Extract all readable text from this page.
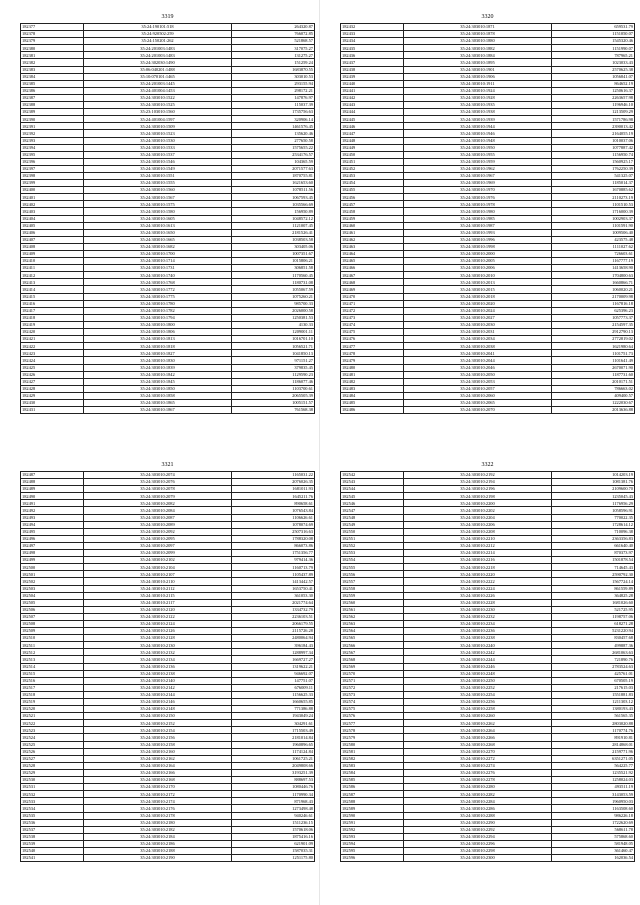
3319
182377	35:24:190101:518	264320.87
182378	35:24:920502:259	766072.85
182379	35:24:150201:262	521868.57
182380	35:24:201003:1483	317075.27
182381	35:24:201003:1483	131275.27
182382	35:24:302030:1490	151259.24
182383	35:06:040201:1488	1683870.55
182384	35:10:070101:1465	303010.53
182385	35:24:201003:1445	293155.94
182386	35:24:401004:1453	298172.21
182387	35:24:303010:1522	147876.97
182388	35:24:303010:1525	115037.39
182389	35:23:103010:1560	1735756.63
182390	35:24:401004:1597	320906.14
182391	35:24:303010:1509	1461576.45
182392	35:24:303010:1523	135620.46
182393	35:24:303010:1530	277650.58
182394	35:24:303010:1533	1575655.22
182395	35:24:303010:1537	2534176.57
182396	35:24:303010:1546	104365.59
182397	35:24:303010:1549	2071577.63
182398	35:24:303010:1551	1870755.81
182399	35:24:303010:1555	1621653.60
182400	35:24:303010:1560	1078511.56
182401	35:24:303010:1567	1067593.45
182402	35:24:303010:1575	1035566.69
182403	35:24:303010:1580	156950.89
182404	35:24:303010:1605	1048572.12
182405	35:24:303010:1613	1121007.45
182406	35:24:303010:1650	2181526.41
182407	35:24:303010:1665	1038503.58
182408	35:24:303010:1682	303405.06
182409	35:24:303010:1700	1007351.67
182410	35:24:303010:1714	1015806.21
182411	35:24:303010:1731	306851.58
182412	35:24:303010:1740	1170560.45
182413	35:24:303010:1768	1180731.08
182414	35:24:303010:1772	1055067.59
182415	35:24:303010:1775	1075260.21
182416	35:24:303010:1780	985700.33
182417	35:24:303010:1782	2026000.58
182418	35:24:303010:1794	1250381.53
182419	35:24:303010:1800	4130.33
182420	35:24:303010:1806	1209001.11
182421	35:24:303010:1813	1016701.10
182422	35:24:303010:1818	1056521.71
182423	35:24:303010:1827	1041850.13
182424	35:24:303010:1830	971151.27
182425	35:24:303010:1839	379835.45
182426	35:24:303010:1842	1129590.23
182427	35:24:303010:1845	1186077.46
182428	35:24:303010:1850	1103700.61
182429	35:24:303010:1858	2065505.39
182430	35:24:303010:1865	1005151.57
182431	35:24:303010:1867	761568.38
3320
182432	35:24:303010:1871	659531.79
182433	35:24:303010:1878	1151050.07
182434	35:24:303010:1880	1545320.46
182435	35:24:303010:1882	1151990.07
182436	35:24:303010:1884	787965.21
182437	35:24:303010:1895	1023033.43
182438	35:24:303010:1901	2570625.38
182439	35:24:303010:1906	1056841.07
182440	35:24:303010:1911	864652.19
182441	35:24:303010:1924	1250616.37
182442	35:24:303010:1928	2263657.98
182443	35:24:303010:1935	1196946.10
182444	35:24:303010:1938	1213509.29
182445	35:24:303010:1939	1571786.98
182446	35:24:303010:1944	2390013.42
182447	35:24:303010:1946	2164055.19
182448	35:24:303010:1948	1010037.06
182449	35:24:303010:1950	1077887.42
182450	35:24:303010:1955	1156950.74
182451	35:24:303010:1959	1560925.17
182452	35:24:303010:1962	1762250.39
182453	35:24:303010:1967	541325.07
182454	35:24:303010:1969	1185014.37
182455	35:24:303010:1970	1670885.62
182456	35:24:303010:1976	2110273.19
182457	35:24:303010:1978	1101510.53
182458	35:24:303010:1980	1716000.39
182459	35:24:303010:1985	1002903.37
182460	35:24:303010:1987	1101591.90
182461	35:24:303010:1993	1009506.40
182462	35:24:303010:1996	423575.48
182463	35:24:303010:1998	1111027.62
182464	35:24:303010:2000	726603.61
182465	35:24:303010:2005	1167777.19
182466	35:24:303010:2006	1413658.90
182467	35:24:303010:2010	1704800.63
182468	35:24:303010:2013	1660866.71
182469	35:24:303010:2015	1060020.21
182470	35:24:303010:2018	2170009.98
182471	35:24:303010:2020	1167816.18
182472	35:24:303010:2024	625396.23
182473	35:24:303010:2027	1057773.37
182474	35:24:303010:2030	2154597.35
182475	35:24:303010:2031	2912790.13
182476	35:24:303010:2034	2772819.02
182477	35:24:303010:2038	1621980.64
182478	35:24:303010:2041	1101751.73
182479	35:24:303010:2044	1101641.49
182480	35:24:303010:2046	2670071.90
182481	35:24:303010:2050	1187731.60
182482	35:24:303010:2053	2010171.51
182483	35:24:303010:2057	786663.02
182484	35:24:303010:2060	409400.57
182485	35:24:303010:2065	1222030.67
182486	35:24:303010:2070	2013636.88
3321
182487	35:24:303010:2074	1165031.22
182488	35:24:303010:2076	2076026.35
182489	35:24:303010:2078	1681011.93
182490	35:24:303010:2079	1645211.76
182491	35:24:303010:2082	890658.61
182492	35:24:303010:2084	1076543.84
182493	35:24:303010:2087	1106626.61
182494	35:24:303010:2089	1078074.69
182495	35:24:303010:2092	2507316.63
182496	35:24:303010:2095	1788320.08
182497	35:24:303010:2097	866073.86
182498	35:24:303010:2099	1751356.77
182499	35:24:303010:2102	979414.36
182500	35:24:303010:2104	1160713.79
182501	35:24:303010:2107	1105437.89
182502	35:24:303010:2110	1413442.57
182503	35:24:303010:2112	1653750.41
182504	35:24:303010:2115	361053.30
182505	35:24:303010:2117	2021774.64
182506	35:24:303010:2120	1334732.79
182507	35:24:303010:2122	2236103.51
182508	35:24:303010:2124	2066179.55
182509	35:24:303010:2126	2115726.28
182510	35:24:303010:2128	2480064.94
182511	35:24:303010:2130	396184.43
182512	35:24:303010:2132	1288997.34
182513	35:24:303010:2134	1669727.27
182514	35:24:303010:2136	1319622.21
182515	35:24:303010:2138	946692.07
182516	35:24:303010:2140	147751.07
182517	35:24:303010:2142	676009.11
182518	35:24:303010:2144	1156625.33
182519	35:24:303010:2146	1660655.85
182520	35:24:303010:2148	771386.88
182521	35:24:303010:2150	1943049.24
182522	35:24:303010:2152	304291.61
182523	35:24:303010:2154	1715503.49
182524	35:24:303010:2156	2181014.84
182525	35:24:303010:2158	1960896.65
182526	35:24:303010:2160	1174124.84
182527	35:24:303010:2162	1061725.21
182528	35:24:303010:2164	2049808.66
182529	35:24:303010:2166	3193251.39
182530	35:24:303010:2168	888697.53
182531	35:24:303010:2170	1080446.76
182532	35:24:303010:2172	1170990.34
182533	35:24:303010:2174	871968.43
182534	35:24:303010:2176	1273498.48
182535	35:24:303010:2178	940246.61
182536	35:24:303010:2180	1511236.15
182537	35:24:303010:2182	1570618.06
182538	35:24:303010:2184	1875416.16
182539	35:24:303010:2186	621901.09
182540	35:24:303010:2188	1587035.31
182541	35:24:303010:2190	1251175.80
3322
182542	35:24:303010:2192	1014203.19
182543	35:24:303010:2194	1081381.76
182544	35:24:303010:2196	2109600.70
182545	35:24:303010:2198	1235045.43
182546	35:24:303010:2200	1176956.29
182547	35:24:303010:2202	1058596.91
182548	35:24:303010:2204	770022.35
182549	35:24:303010:2206	1728614.12
182550	35:24:303010:2208	710096.38
182551	35:24:303010:2210	2363356.83
182552	35:24:303010:2212	661640.40
182553	35:24:303010:2214	870373.97
182554	35:24:303010:2216	1501878.54
182555	35:24:303010:2218	714645.43
182556	35:24:303010:2220	2590792.30
182557	35:24:303010:2222	1567724.14
182558	35:24:303010:2224	861559.89
182559	35:24:303010:2226	364825.28
182560	35:24:303010:2228	1681026.60
182561	35:24:303010:2230	521725.95
182562	35:24:303010:2232	1198757.06
182563	35:24:303010:2234	618271.28
182564	35:24:303010:2236	5231220.94
182565	35:24:303010:2238	830457.68
182566	35:24:303010:2240	499887.36
182567	35:24:303010:2242	2681063.63
182568	35:24:303010:2244	721890.76
182569	35:24:303010:2246	2783524.63
182570	35:24:303010:2248	425761.01
182571	35:24:303010:2250	670505.19
182572	35:24:303010:2252	217615.03
182573	35:24:303010:2254	1551881.83
182574	35:24:303010:2256	1211303.12
182575	35:24:303010:2258	1380193.43
182576	35:24:303010:2260	561565.35
182577	35:24:303010:2262	2803020.88
182578	35:24:303010:2264	1170774.76
182579	35:24:303010:2266	891910.81
182580	35:24:303010:2268	2814868.01
182581	35:24:303010:2270	2159771.96
182582	35:24:303010:2272	6351271.05
182583	35:24:303010:2274	564225.77
182584	35:24:303010:2276	1235521.92
182585	35:24:303010:2278	1258024.03
182586	35:24:303010:2280	493511.19
182587	35:24:303010:2282	3143053.59
182588	35:24:303010:2284	1960950.03
182589	35:24:303010:2286	1163508.60
182590	35:24:303010:2288	986226.18
182591	35:24:303010:2290	1722620.69
182592	35:24:303010:2292	568611.78
182593	35:24:303010:2294	575868.60
182594	35:24:303010:2296	581948.05
182595	35:24:303010:2298	361460.47
182596	35:24:303010:2300	162036.54
